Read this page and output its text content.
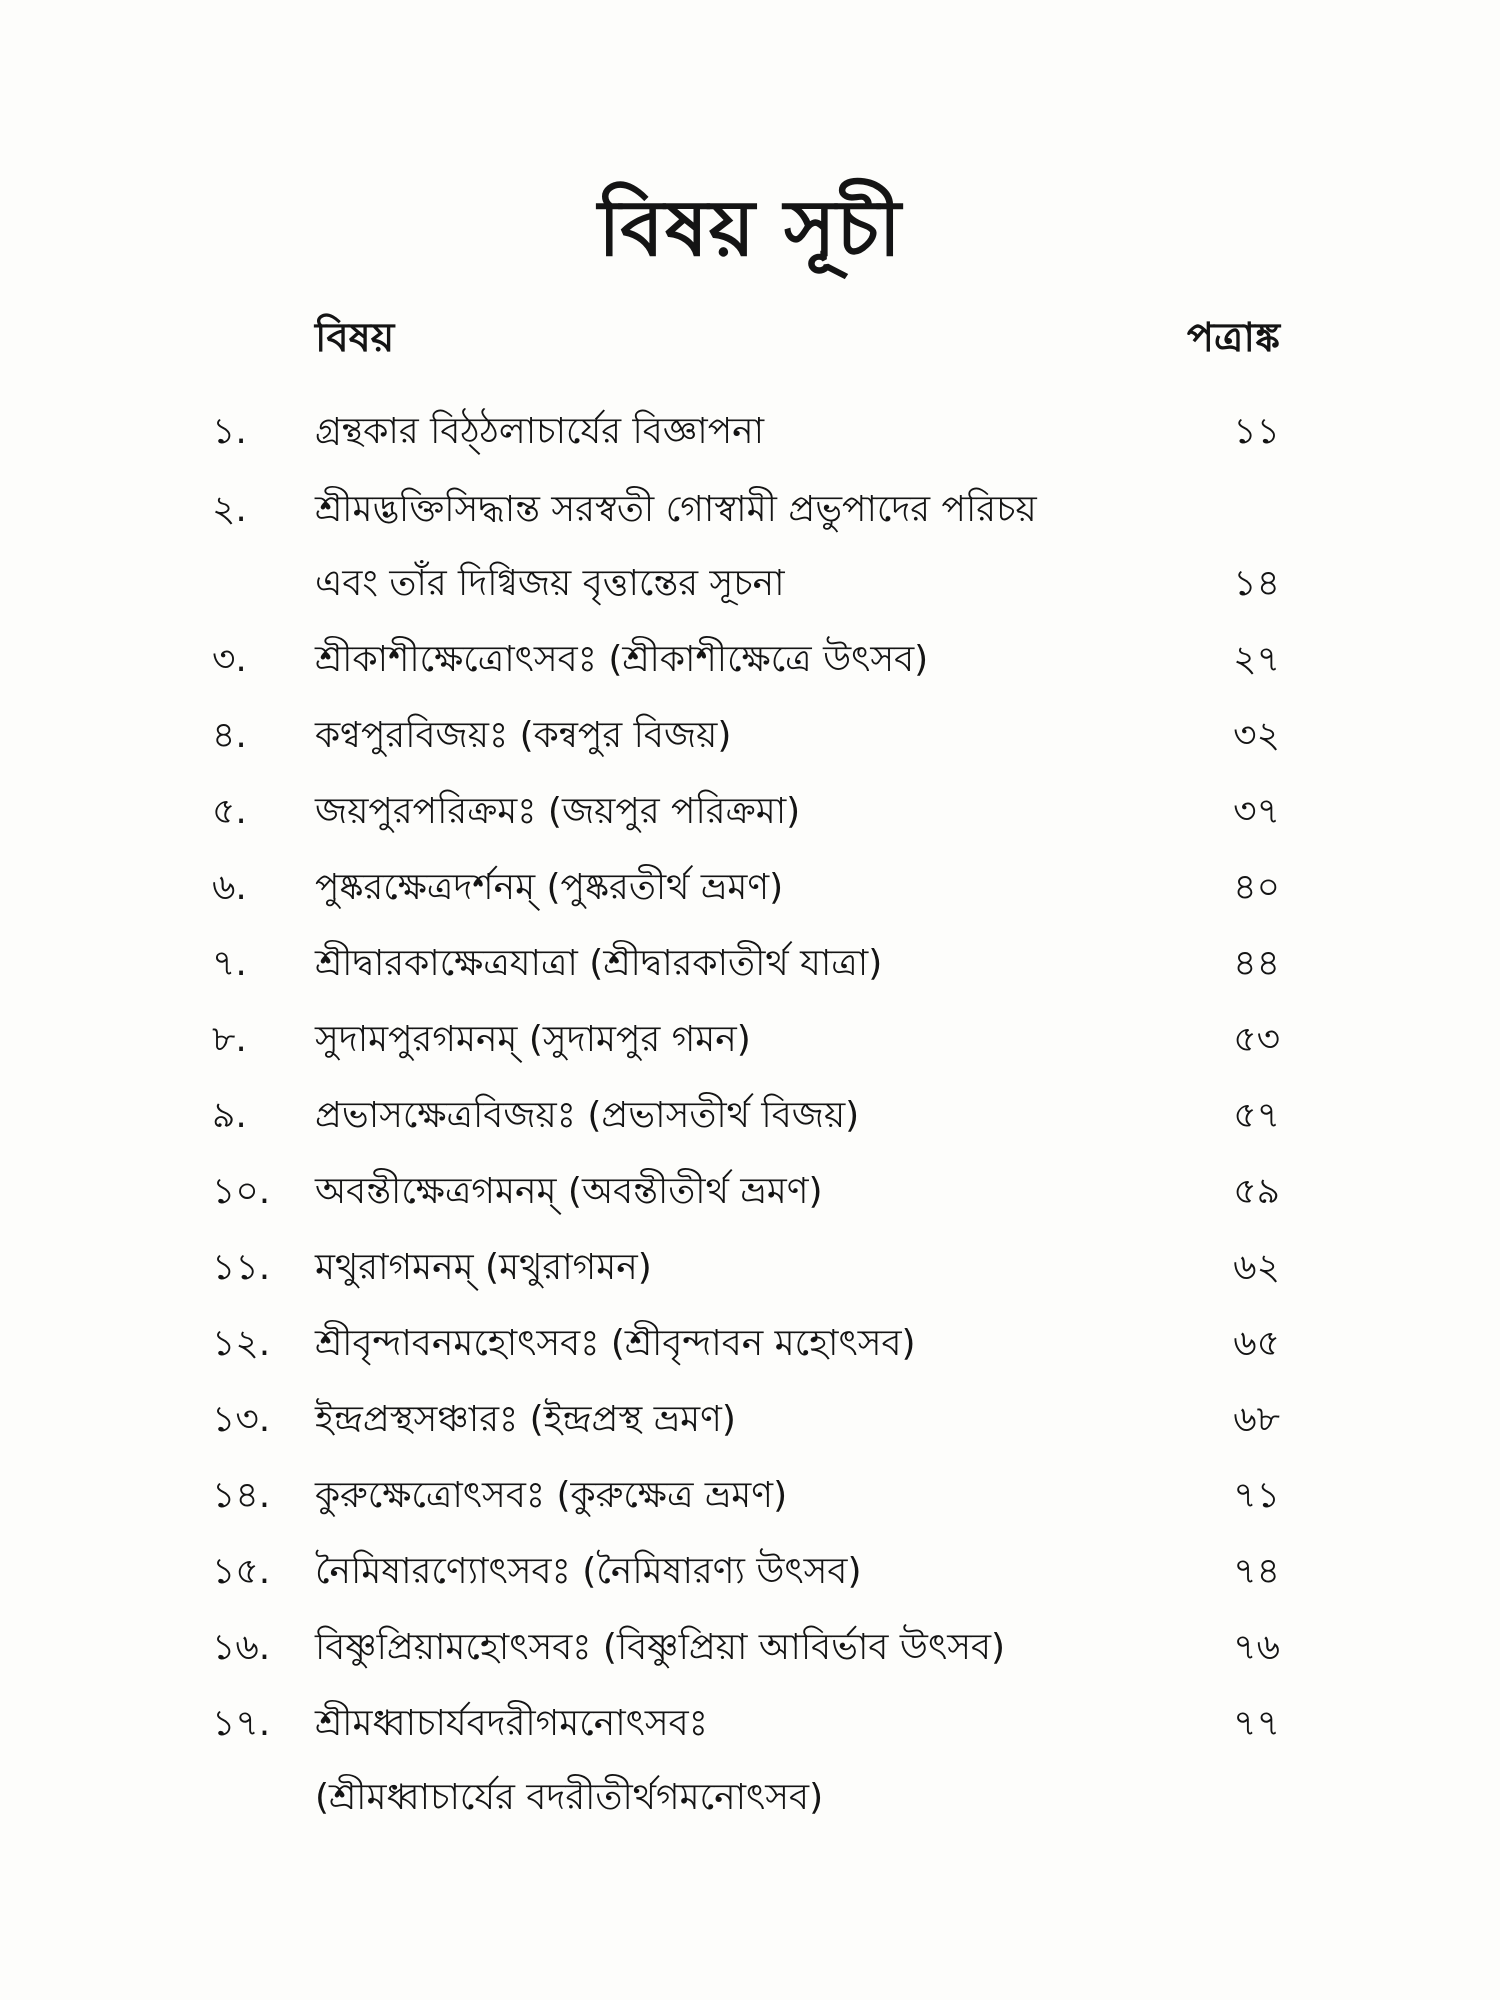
বিষয় সূচী
বিষয়	পত্রাঙ্ক
১.	গ্রন্থকার বিঠ্‌ঠলাচার্যের বিজ্ঞাপনা	১১
২.	শ্রীমদ্ভক্তিসিদ্ধান্ত সরস্বতী গোস্বামী প্রভুপাদের পরিচয়
এবং তাঁর দিগ্বিজয় বৃত্তান্তের সূচনা	১৪
৩.	শ্রীকাশীক্ষেত্রোৎসবঃ (শ্রীকাশীক্ষেত্রে উৎসব)	২৭
৪.	কণ্বপুরবিজয়ঃ (কন্বপুর বিজয়)	৩২
৫.	জয়পুরপরিক্রমঃ (জয়পুর পরিক্রমা)	৩৭
৬.	পুষ্করক্ষেত্রদর্শনম্ (পুষ্করতীর্থ ভ্রমণ)	৪০
৭.	শ্রীদ্বারকাক্ষেত্রযাত্রা (শ্রীদ্বারকাতীর্থ যাত্রা)	৪৪
৮.	সুদামপুরগমনম্ (সুদামপুর গমন)	৫৩
৯.	প্রভাসক্ষেত্রবিজয়ঃ (প্রভাসতীর্থ বিজয়)	৫৭
১০.	অবন্তীক্ষেত্রগমনম্ (অবন্তীতীর্থ ভ্রমণ)	৫৯
১১.	মথুরাগমনম্ (মথুরাগমন)	৬২
১২.	শ্রীবৃন্দাবনমহোৎসবঃ (শ্রীবৃন্দাবন মহোৎসব)	৬৫
১৩.	ইন্দ্রপ্রস্থসঞ্চারঃ (ইন্দ্রপ্রস্থ ভ্রমণ)	৬৮
১৪.	কুরুক্ষেত্রোৎসবঃ (কুরুক্ষেত্র ভ্রমণ)	৭১
১৫.	নৈমিষারণ্যোৎসবঃ (নৈমিষারণ্য উৎসব)	৭৪
১৬.	বিষ্ণুপ্রিয়ামহোৎসবঃ (বিষ্ণুপ্রিয়া আবির্ভাব উৎসব)	৭৬
১৭.	শ্রীমধ্বাচার্যবদরীগমনোৎসবঃ	৭৭
(শ্রীমধ্বাচার্যের বদরীতীর্থগমনোৎসব)
